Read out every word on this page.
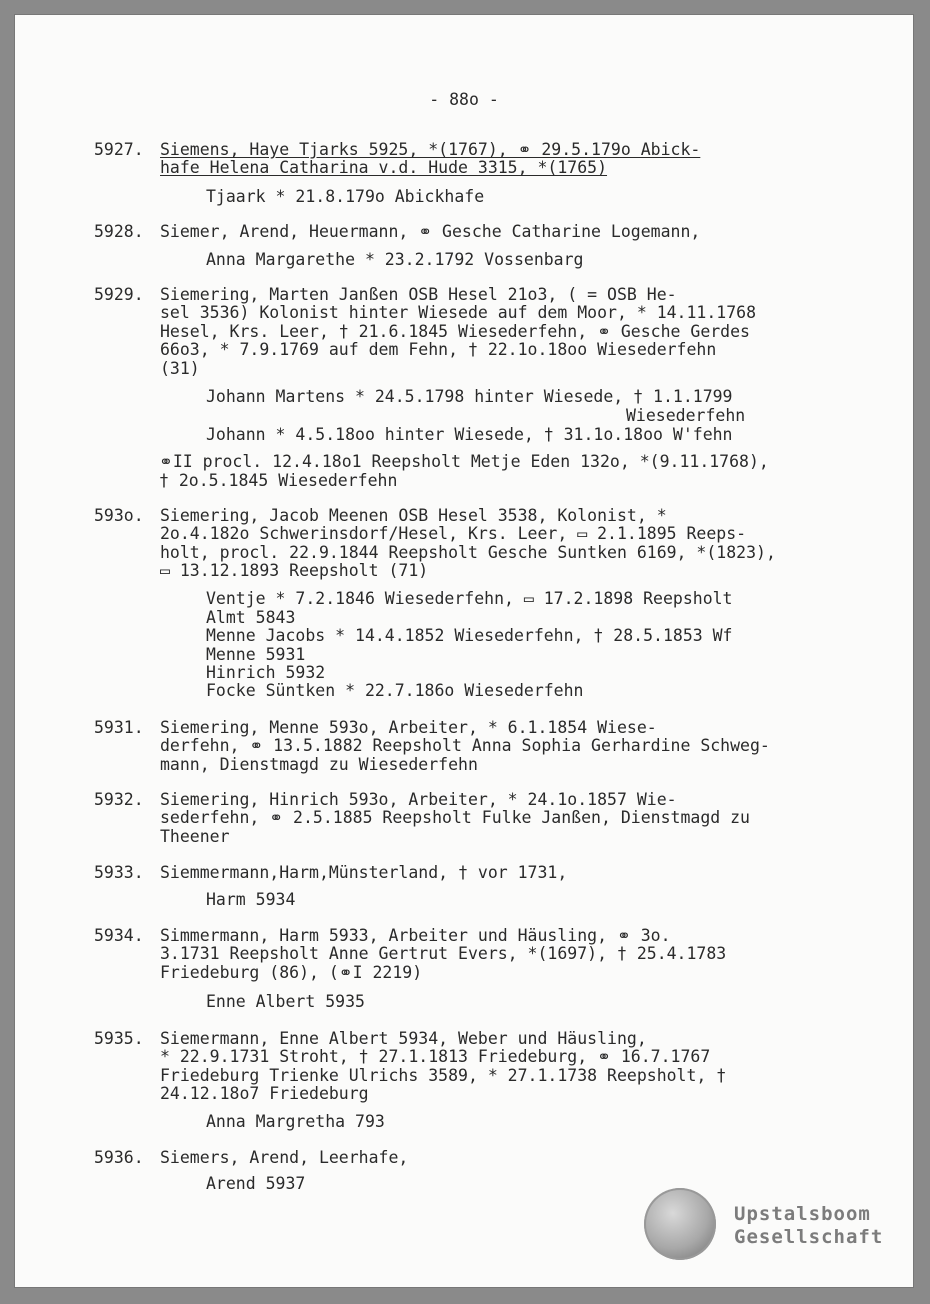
- 88o -
5927. Siemens, Haye Tjarks 5925, *(1767), ⚭ 29.5.179o Abick-
hafe Helena Catharina v.d. Hude 3315, *(1765)
Tjaark * 21.8.179o Abickhafe
5928. Siemer, Arend, Heuermann, ⚭ Gesche Catharine Logemann,
Anna Margarethe * 23.2.1792 Vossenbarg
5929. Siemering, Marten Janßen OSB Hesel 21o3, ( = OSB He-
sel 3536) Kolonist hinter Wiesede auf dem Moor, * 14.11.1768
Hesel, Krs. Leer, † 21.6.1845 Wiesederfehn, ⚭ Gesche Gerdes
66o3, * 7.9.1769 auf dem Fehn, † 22.1o.18oo Wiesederfehn
(31)
Johann Martens * 24.5.1798 hinter Wiesede, † 1.1.1799
Wiesederfehn
Johann * 4.5.18oo hinter Wiesede, † 31.1o.18oo W'fehn
⚭II procl. 12.4.18o1 Reepsholt Metje Eden 132o, *(9.11.1768),
† 2o.5.1845 Wiesederfehn
593o. Siemering, Jacob Meenen OSB Hesel 3538, Kolonist, *
2o.4.182o Schwerinsdorf/Hesel, Krs. Leer, ▭ 2.1.1895 Reeps-
holt, procl. 22.9.1844 Reepsholt Gesche Suntken 6169, *(1823),
▭ 13.12.1893 Reepsholt (71)
Ventje * 7.2.1846 Wiesederfehn, ▭ 17.2.1898 Reepsholt
Almt 5843
Menne Jacobs * 14.4.1852 Wiesederfehn, † 28.5.1853 Wf
Menne 5931
Hinrich 5932
Focke Süntken * 22.7.186o Wiesederfehn
5931. Siemering, Menne 593o, Arbeiter, * 6.1.1854 Wiese-
derfehn, ⚭ 13.5.1882 Reepsholt Anna Sophia Gerhardine Schweg-
mann, Dienstmagd zu Wiesederfehn
5932. Siemering, Hinrich 593o, Arbeiter, * 24.1o.1857 Wie-
sederfehn, ⚭ 2.5.1885 Reepsholt Fulke Janßen, Dienstmagd zu
Theener
5933. Siemmermann,Harm,Münsterland, † vor 1731,
Harm 5934
5934. Simmermann, Harm 5933, Arbeiter und Häusling, ⚭ 3o.
3.1731 Reepsholt Anne Gertrut Evers, *(1697), † 25.4.1783
Friedeburg (86), (⚭I 2219)
Enne Albert 5935
5935. Siemermann, Enne Albert 5934, Weber und Häusling,
* 22.9.1731 Stroht, † 27.1.1813 Friedeburg, ⚭ 16.7.1767
Friedeburg Trienke Ulrichs 3589, * 27.1.1738 Reepsholt, †
24.12.18o7 Friedeburg
Anna Margretha 793
5936. Siemers, Arend, Leerhafe,
Arend 5937
Upstalsboom
Gesellschaft
